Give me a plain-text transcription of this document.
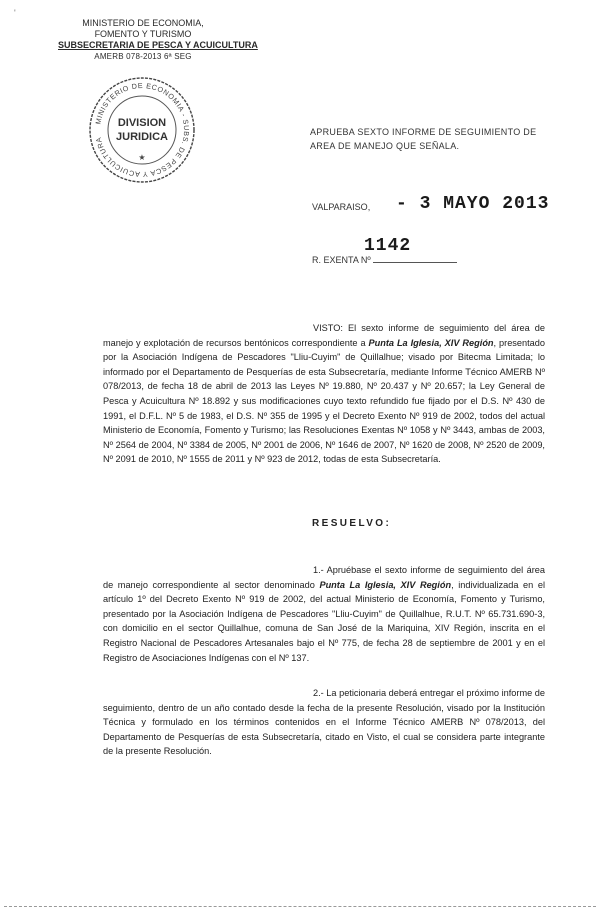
'
MINISTERIO DE ECONOMIA,
FOMENTO Y TURISMO
SUBSECRETARIA DE PESCA Y ACUICULTURA
AMERB 078-2013 6ª SEG
MINISTERIO DE ECONOMIA - SUBS. DE PESCA Y ACUICULTURA
DIVISION
JURIDICA
★
APRUEBA SEXTO INFORME DE SEGUIMIENTO DE AREA DE MANEJO QUE SEÑALA.
VALPARAISO, - 3 MAYO 2013
1142
R. EXENTA Nº

VISTO: El sexto informe de seguimiento del área de manejo y explotación de recursos bentónicos correspondiente a Punta La Iglesia, XIV Región, presentado por la Asociación Indígena de Pescadores "Lliu-Cuyim" de Quillalhue; visado por Bitecma Limitada; lo informado por el Departamento de Pesquerías de esta Subsecretaría, mediante Informe Técnico AMERB Nº 078/2013, de fecha 18 de abril de 2013 las Leyes Nº 19.880, Nº 20.437 y Nº 20.657; la Ley General de Pesca y Acuicultura Nº 18.892 y sus modificaciones cuyo texto refundido fue fijado por el D.S. Nº 430 de 1991, el D.F.L. Nº 5 de 1983, el D.S. Nº 355 de 1995 y el Decreto Exento Nº 919 de 2002, todos del actual Ministerio de Economía, Fomento y Turismo; las Resoluciones Exentas Nº 1058 y Nº 3443, ambas de 2003, Nº 2564 de 2004, Nº 3384 de 2005, Nº 2001 de 2006, Nº 1646 de 2007, Nº 1620 de 2008, Nº 2520 de 2009, Nº 2091 de 2010, Nº 1555 de 2011 y Nº 923 de 2012, todas de esta Subsecretaría.

RESUELVO:

1.- Apruébase el sexto informe de seguimiento del área de manejo correspondiente al sector denominado Punta La Iglesia, XIV Región, individualizada en el artículo 1º del Decreto Exento Nº 919 de 2002, del actual Ministerio de Economía, Fomento y Turismo, presentado por la Asociación Indígena de Pescadores "Lliu-Cuyim" de Quillalhue, R.U.T. Nº 65.731.690-3, con domicilio en el sector Quillalhue, comuna de San José de la Mariquina, XIV Región, inscrita en el Registro Nacional de Pescadores Artesanales bajo el Nº 775, de fecha 28 de septiembre de 2001 y en el Registro de Asociaciones Indígenas con el Nº 137.

2.- La peticionaria deberá entregar el próximo informe de seguimiento, dentro de un año contado desde la fecha de la presente Resolución, visado por la Institución Técnica y formulado en los términos contenidos en el Informe Técnico AMERB Nº 078/2013, del Departamento de Pesquerías de esta Subsecretaría, citado en Visto, el cual se considera parte integrante de la presente Resolución.
